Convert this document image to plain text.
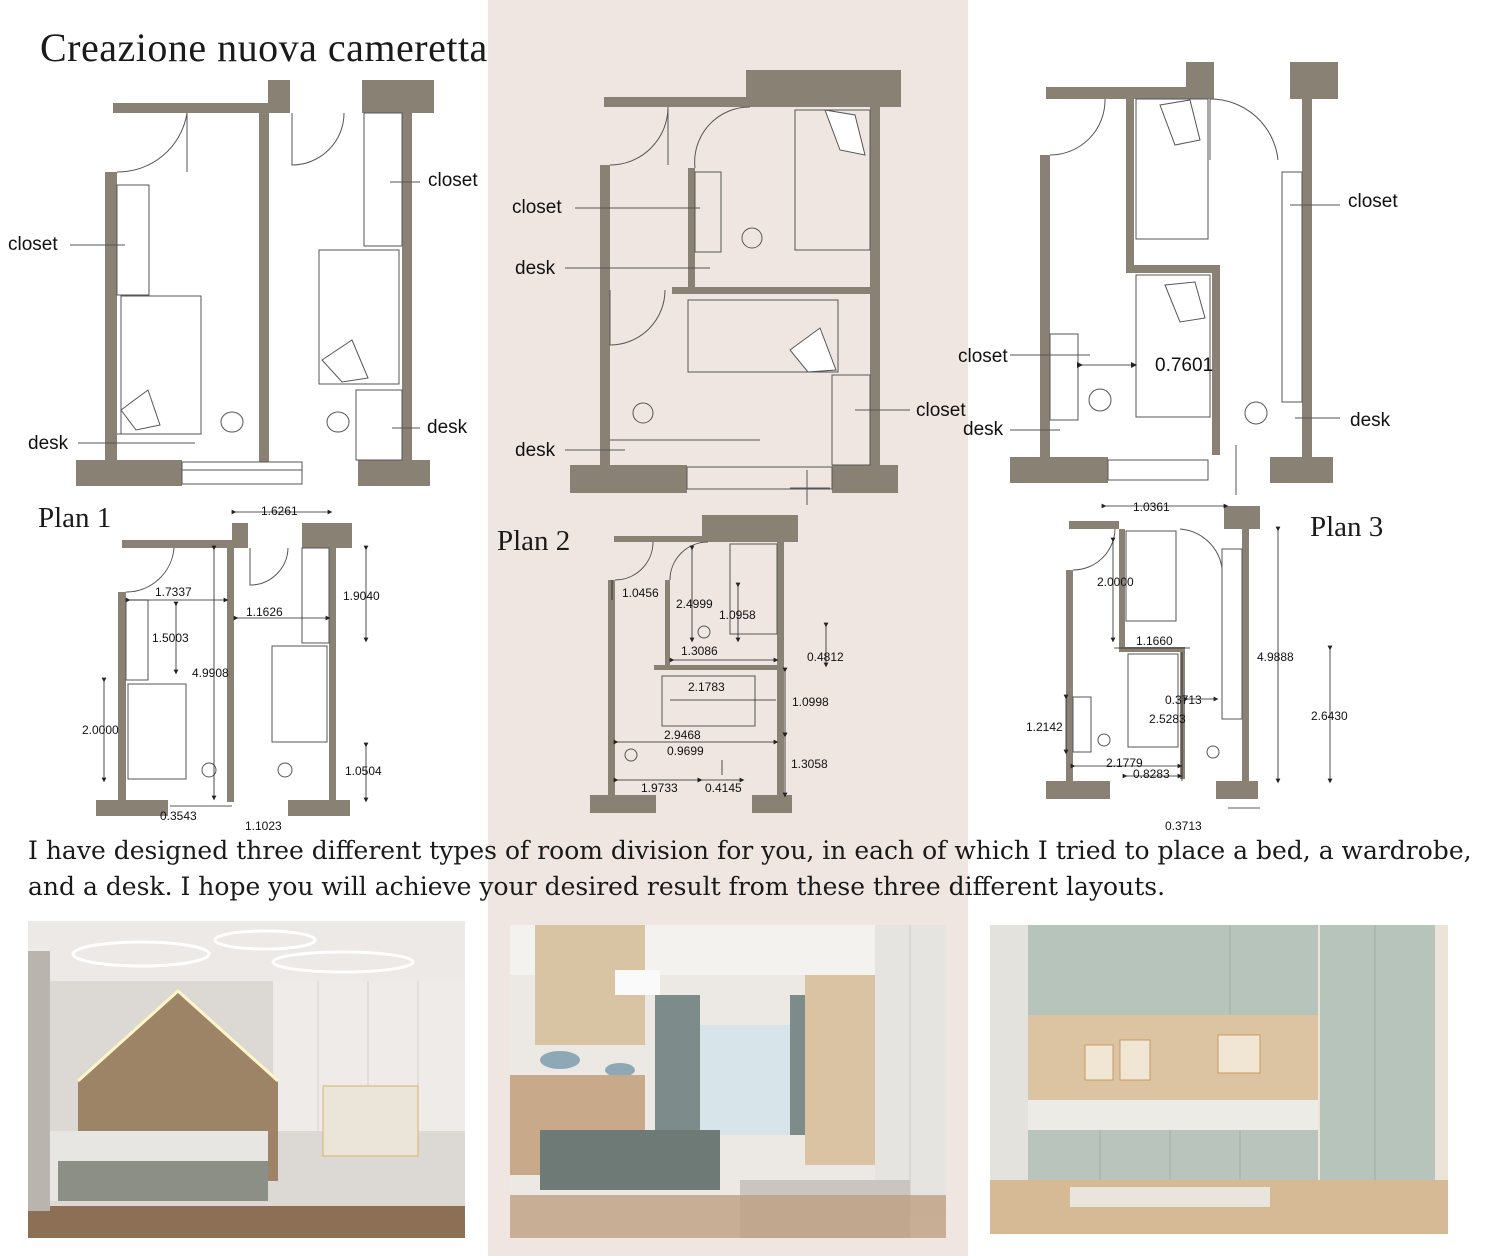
Creazione nuova cameretta
closet
closet
desk
desk
1.6261
1.7337
1.1626
1.9040
1.5003
4.9908
2.0000
1.0504
0.3543
1.1023
closet
desk
closet
desk
1.0456
2.4999
1.0958
1.3086	0.4812
2.1783
1.0998
2.9468
0.9699
1.3058
1.9733 0.4145
closet
closet	0.7601
desk	desk
1.0361
2.0000
1.1660
4.9888
0.3713
2.5283
1.2142
2.6430
2.1779
0.8283
0.3713
Plan 1
Plan 2	Plan 3
I have designed three different types of room division for you, in each of which I tried to place a bed, a wardrobe, and a desk. I hope you will achieve your desired result from these three different layouts.
